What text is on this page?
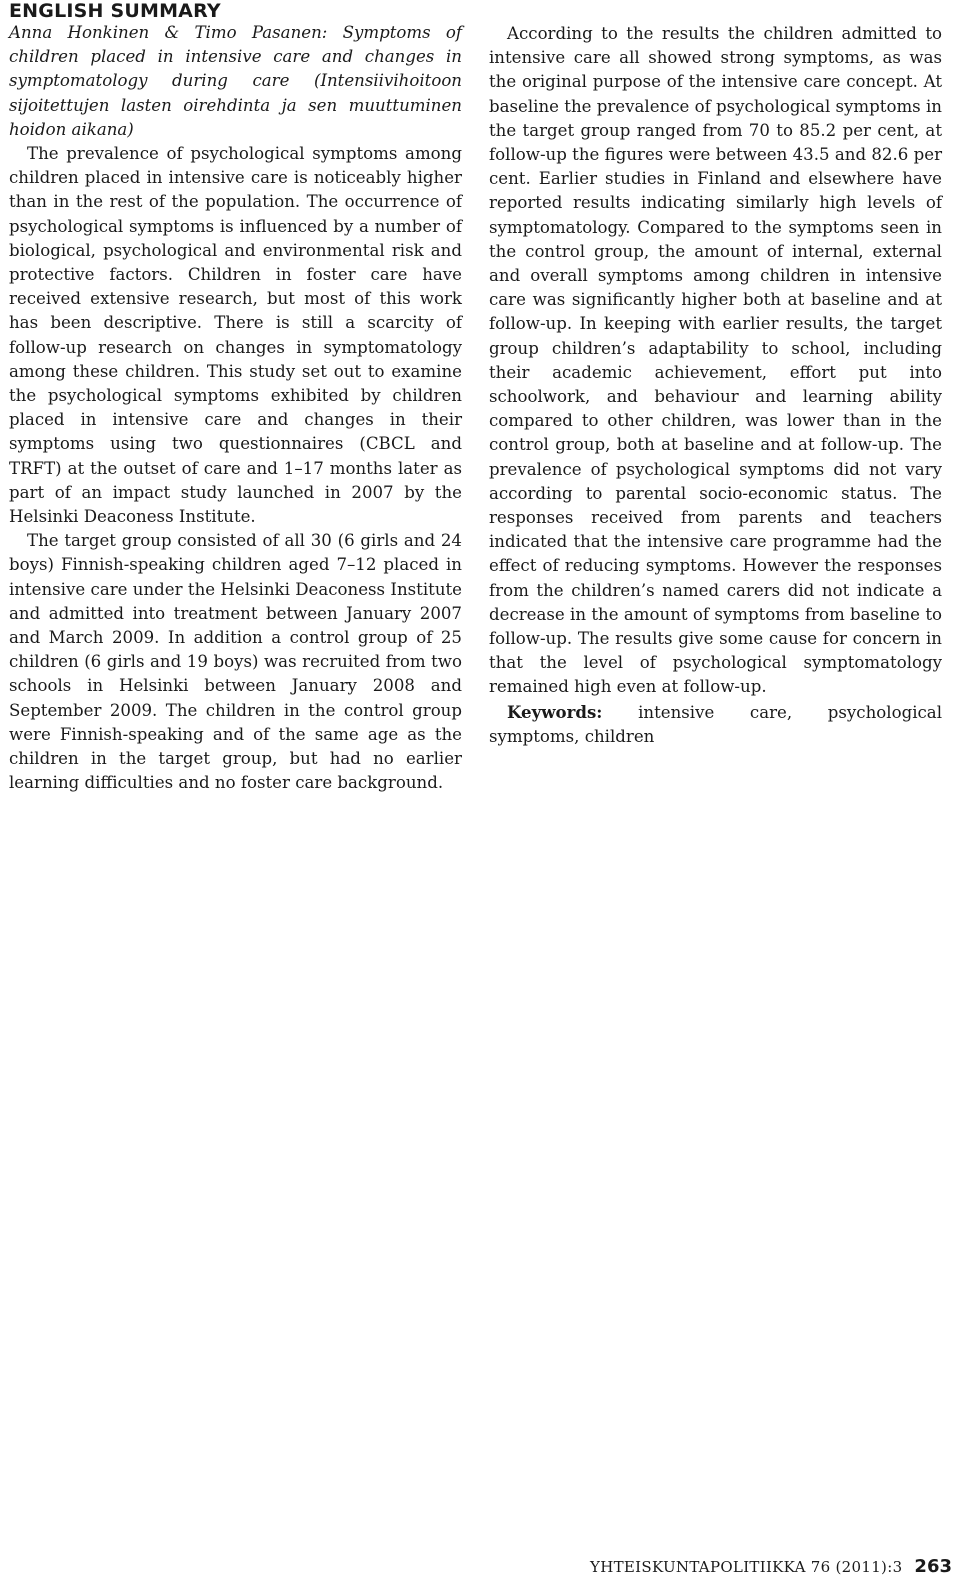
ENGLISH SUMMARY

Anna Honkinen & Timo Pasanen: Symptoms of children placed in intensive care and changes in symptomatology during care (Intensiivihoitoon sijoitettujen lasten oirehdinta ja sen muuttuminen hoidon aikana)

The prevalence of psychological symptoms among children placed in intensive care is noticeably higher than in the rest of the population. The occurrence of psychological symptoms is influenced by a number of biological, psychological and environmental risk and protective factors. Children in foster care have received extensive research, but most of this work has been descriptive. There is still a scarcity of follow-up research on changes in symptomatology among these children. This study set out to examine the psychological symptoms exhibited by children placed in intensive care and changes in their symptoms using two questionnaires (CBCL and TRFT) at the outset of care and 1–17 months later as part of an impact study launched in 2007 by the Helsinki Deaconess Institute.

The target group consisted of all 30 (6 girls and 24 boys) Finnish-speaking children aged 7–12 placed in intensive care under the Helsinki Deaconess Institute and admitted into treatment between January 2007 and March 2009. In addition a control group of 25 children (6 girls and 19 boys) was recruited from two schools in Helsinki between January 2008 and September 2009. The children in the control group were Finnish-speaking and of the same age as the children in the target group, but had no earlier learning difficulties and no foster care background.

According to the results the children admitted to intensive care all showed strong symptoms, as was the original purpose of the intensive care concept. At baseline the prevalence of psychological symptoms in the target group ranged from 70 to 85.2 per cent, at follow-up the figures were between 43.5 and 82.6 per cent. Earlier studies in Finland and elsewhere have reported results indicating similarly high levels of symptomatology. Compared to the symptoms seen in the control group, the amount of internal, external and overall symptoms among children in intensive care was significantly higher both at baseline and at follow-up. In keeping with earlier results, the target group children’s adaptability to school, including their academic achievement, effort put into schoolwork, and behaviour and learning ability compared to other children, was lower than in the control group, both at baseline and at follow-up. The prevalence of psychological symptoms did not vary according to parental socio-economic status. The responses received from parents and teachers indicated that the intensive care programme had the effect of reducing symptoms. However the responses from the children’s named carers did not indicate a decrease in the amount of symptoms from baseline to follow-up. The results give some cause for concern in that the level of psychological symptomatology remained high even at follow-up.

Keywords: intensive care, psychological symptoms, children

YHTEISKUNTAPOLITIIKKA 76 (2011):3 263
